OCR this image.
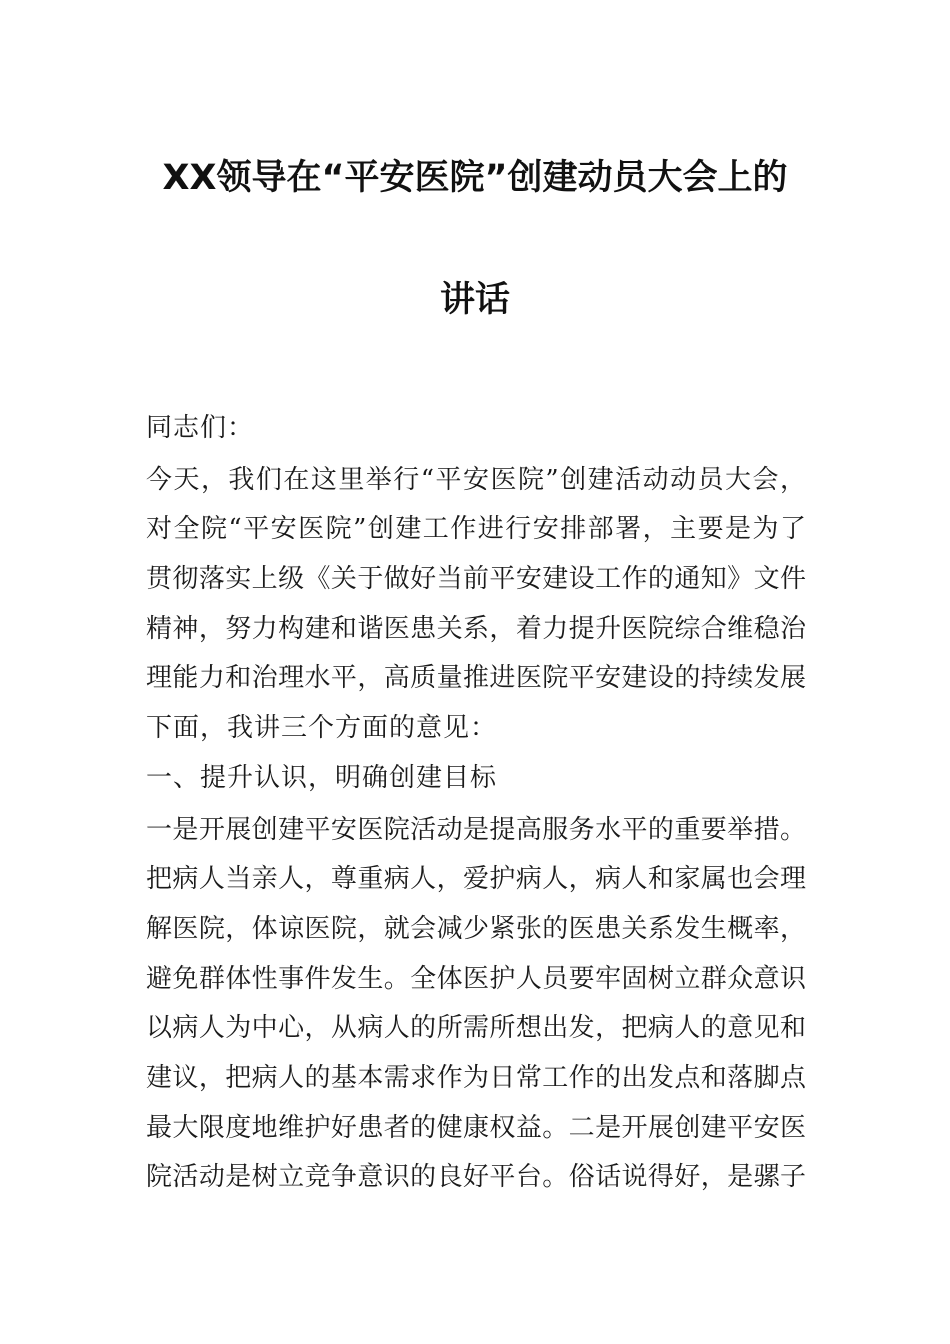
XX领导在“平安医院”创建动员大会上的
讲话
同志们：
今天，我们在这里举行“平安医院”创建活动动员大会，
对全院“平安医院”创建工作进行安排部署，主要是为了
贯彻落实上级《关于做好当前平安建设工作的通知》文件
精神，努力构建和谐医患关系，着力提升医院综合维稳治
理能力和治理水平，高质量推进医院平安建设的持续发展
下面，我讲三个方面的意见：
一、提升认识，明确创建目标
一是开展创建平安医院活动是提高服务水平的重要举措。
把病人当亲人，尊重病人，爱护病人，病人和家属也会理
解医院，体谅医院，就会减少紧张的医患关系发生概率，
避免群体性事件发生。全体医护人员要牢固树立群众意识
以病人为中心，从病人的所需所想出发，把病人的意见和
建议，把病人的基本需求作为日常工作的出发点和落脚点
最大限度地维护好患者的健康权益。二是开展创建平安医
院活动是树立竞争意识的良好平台。俗话说得好，是骡子
